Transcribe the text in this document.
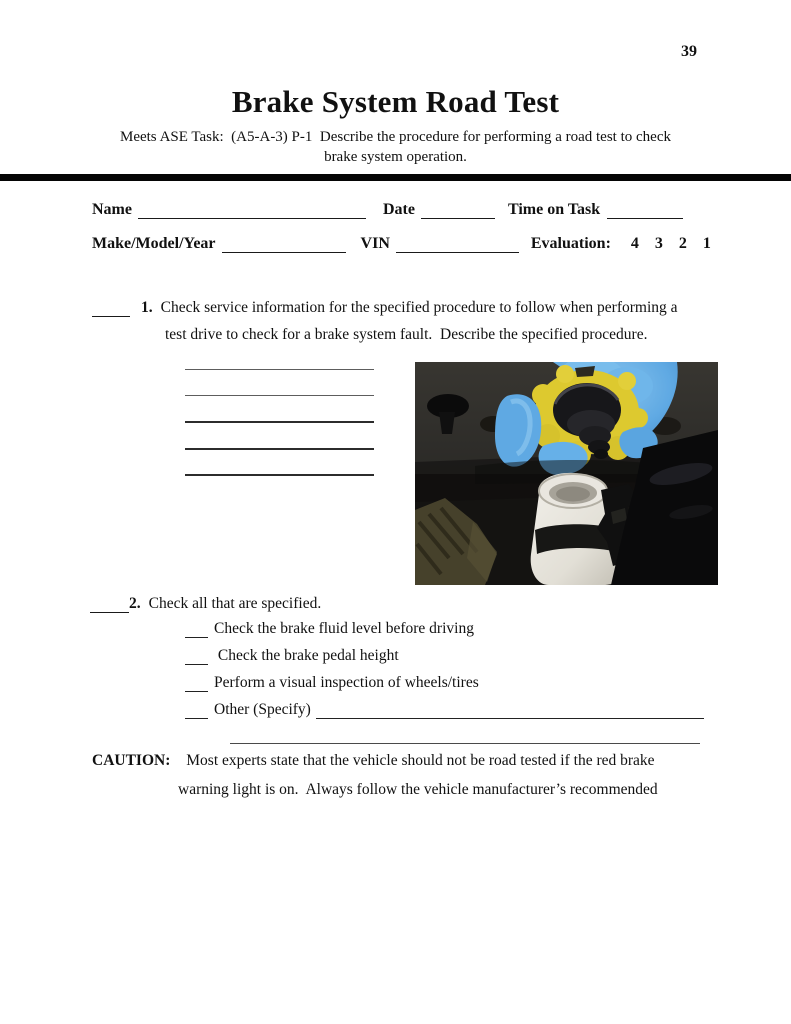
39
Brake System Road Test
Meets ASE Task:  (A5-A-3) P-1  Describe the procedure for performing a road test to check
brake system operation.
Name	Date	Time on Task
Make/Model/Year	VIN	Evaluation: 4 3 2 1
1. Check service information for the specified procedure to follow when performing a
test drive to check for a brake system fault.  Describe the specified procedure.
2. Check all that are specified.
Check the brake fluid level before driving
Check the brake pedal height
Perform a visual inspection of wheels/tires
Other (Specify)
CAUTION: Most experts state that the vehicle should not be road tested if the red brake
warning light is on.  Always follow the vehicle manufacturer’s recommended
